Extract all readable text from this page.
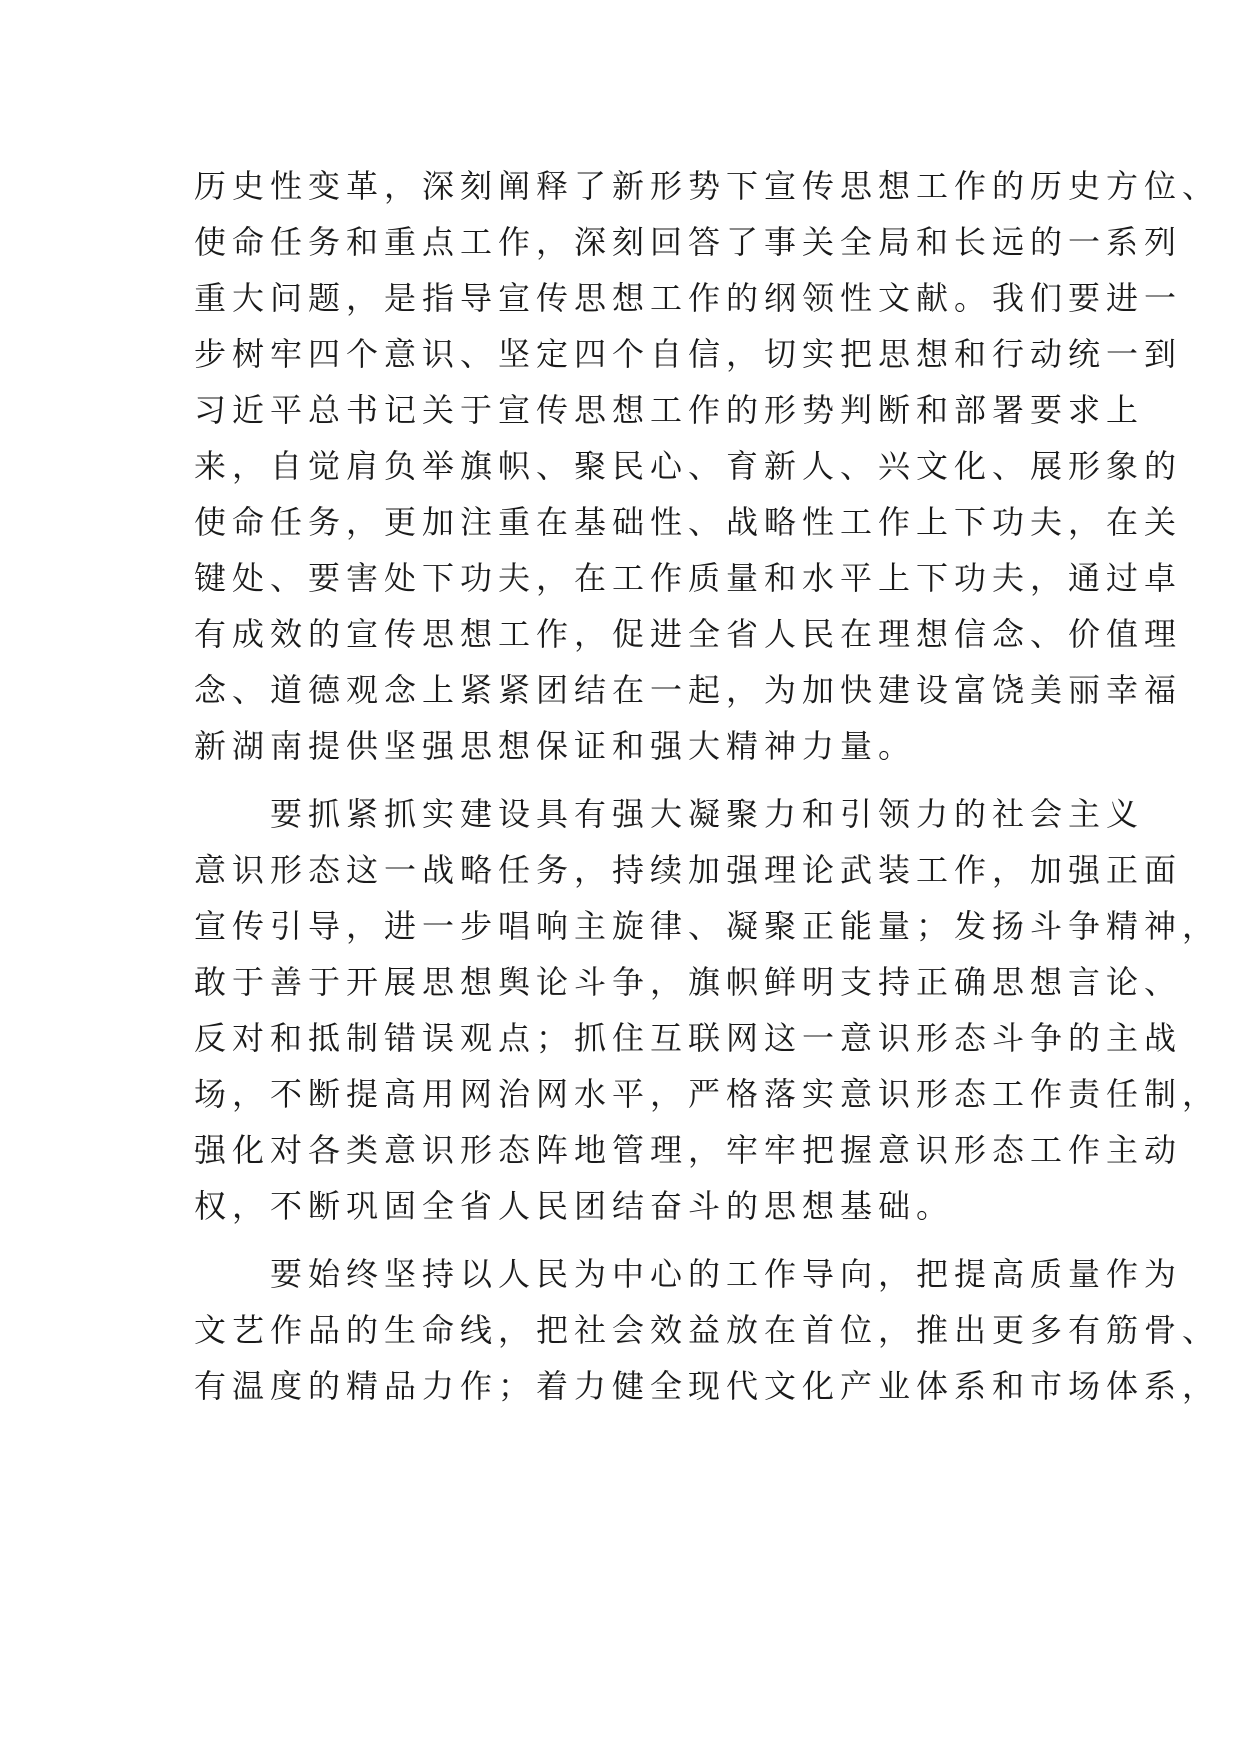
历史性变革，深刻阐释了新形势下宣传思想工作的历史方位、
使命任务和重点工作，深刻回答了事关全局和长远的一系列
重大问题，是指导宣传思想工作的纲领性文献。我们要进一
步树牢四个意识、坚定四个自信，切实把思想和行动统一到
习近平总书记关于宣传思想工作的形势判断和部署要求上
来，自觉肩负举旗帜、聚民心、育新人、兴文化、展形象的
使命任务，更加注重在基础性、战略性工作上下功夫，在关
键处、要害处下功夫，在工作质量和水平上下功夫，通过卓
有成效的宣传思想工作，促进全省人民在理想信念、价值理
念、道德观念上紧紧团结在一起，为加快建设富饶美丽幸福
新湖南提供坚强思想保证和强大精神力量。
　　要抓紧抓实建设具有强大凝聚力和引领力的社会主义
意识形态这一战略任务，持续加强理论武装工作，加强正面
宣传引导，进一步唱响主旋律、凝聚正能量；发扬斗争精神，
敢于善于开展思想舆论斗争，旗帜鲜明支持正确思想言论、
反对和抵制错误观点；抓住互联网这一意识形态斗争的主战
场，不断提高用网治网水平，严格落实意识形态工作责任制，
强化对各类意识形态阵地管理，牢牢把握意识形态工作主动
权，不断巩固全省人民团结奋斗的思想基础。
　　要始终坚持以人民为中心的工作导向，把提高质量作为
文艺作品的生命线，把社会效益放在首位，推出更多有筋骨、
有温度的精品力作；着力健全现代文化产业体系和市场体系，
